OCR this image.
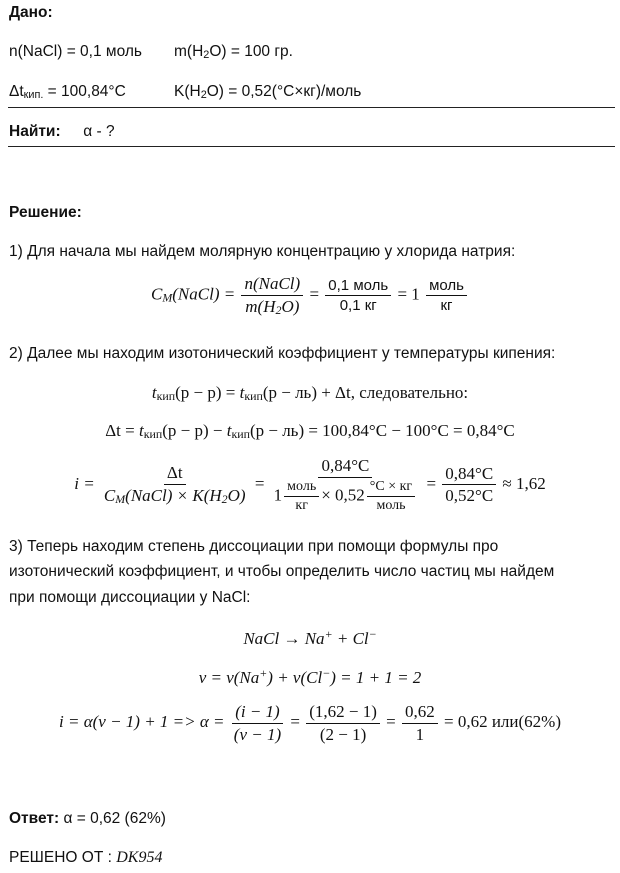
Дано:
n(NaCl) = 0,1 моль $m(H_2O) = 100$ гр.
$\Delta t_{кип.} = 100,84^\circ C$	$K(H_2O)$ = 0,52(°C×кг)/моль
Найти: α - ?
Решение:
1) Для начала мы найдем молярную концентрацию у хлорида натрия:
$C_M(NaCl) = \frac{\text{n(NaCl)}}{m(H_2O)} = \frac{\text{0,1 моль}}{0,1 кг} = 1 \frac{\text{моль}}{кг}$
2) Далее мы находим изотонический коэффициент у температуры кипения:
$t_{кип}(р - р) = t_{кип}(р - ль) + \Delta t$, следовательно:
$\Delta t = t_{кип}(р - р) - t_{кип}(р - ль) = 100,84^\circ C - 100^\circ C = 0,84^\circ C$
$i = \frac{\Delta t}{C_M(NaCl) \times K(H_2O)} = \frac{0,84^\circ C}{1 \frac{\text{моль}}{кг} \times 0,52 \frac{^\circ C \times кг}{\text{моль}}} = \frac{0,84^\circ C}{0,52^\circ C} \approx 1,62$
3) Теперь находим степень диссоциации при помощи формулы про
изотонический коэффициент, и чтобы определить число частиц мы найдем
при помощи диссоциации у NaCl:
NaCl → Na+ + Cl−
v = v(Na+) + v(Cl−) = 1 + 1 = 2
$i = \alpha(v - 1) + 1 => \alpha = \frac{(i - 1)}{(v - 1)} = \frac{(1,62 - 1)}{(2 - 1)} = \frac{0,62}{1} = 0,62$ или(62%)
Ответ: α = 0,62 (62%)
РЕШЕНО ОТ : DK954
